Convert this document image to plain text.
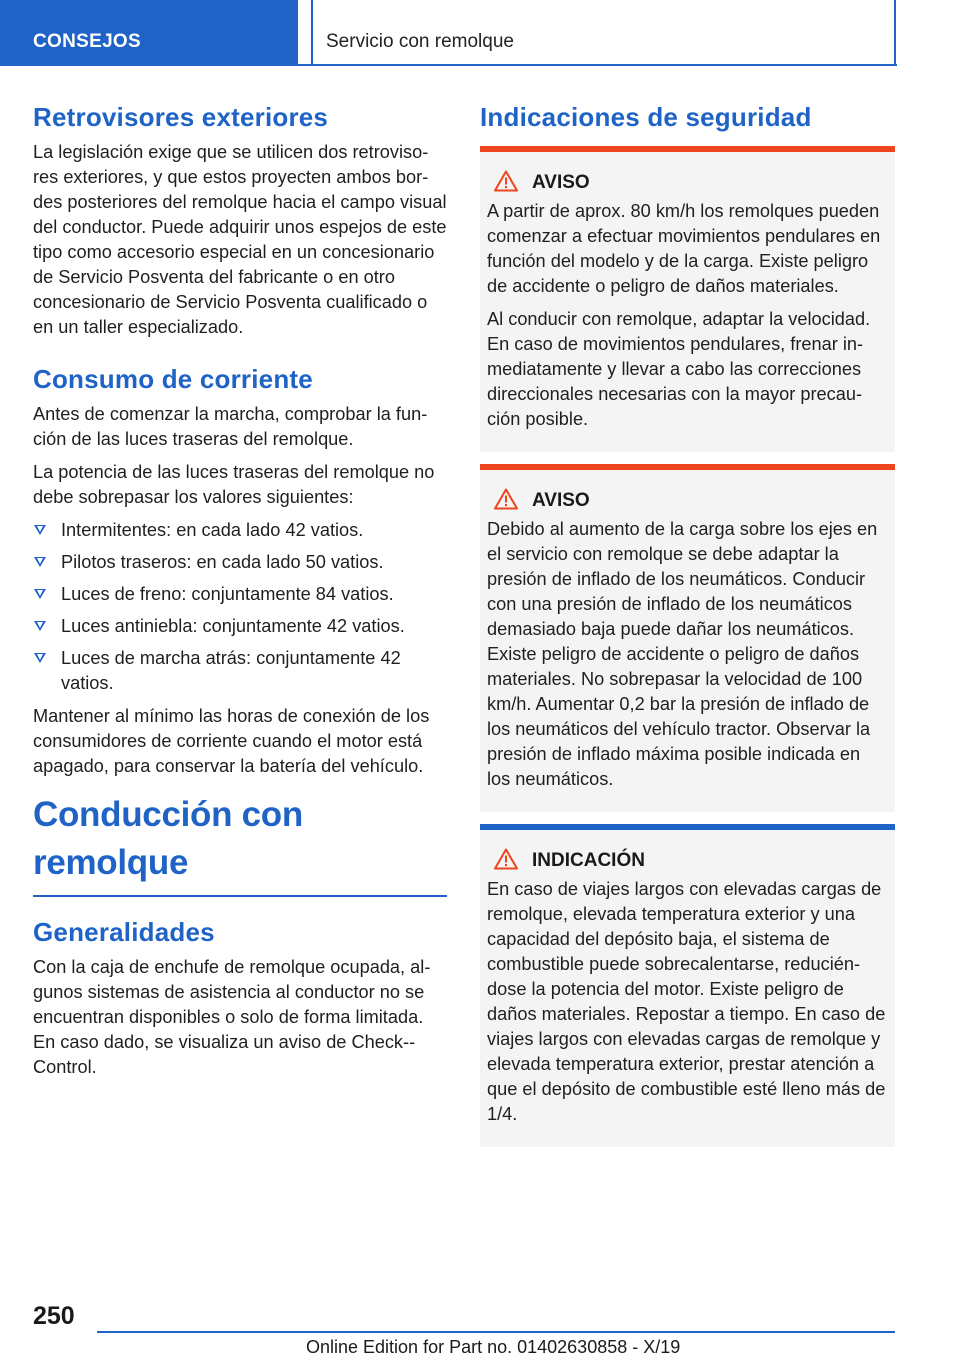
CONSEJOS	Servicio con remolque
Retrovisores exteriores

La legislación exige que se utilicen dos retrovisores exteriores, y que estos proyecten ambos bordes posteriores del remolque hacia el campo visual del conductor. Puede adquirir unos espejos de este tipo como accesorio especial en un concesionario de Servicio Posventa del fabricante o en otro concesionario de Servicio Posventa cualificado o en un taller especializado.

Consumo de corriente

Antes de comenzar la marcha, comprobar la función de las luces traseras del remolque.

La potencia de las luces traseras del remolque no debe sobrepasar los valores siguientes:

Intermitentes: en cada lado 42 vatios.
Pilotos traseros: en cada lado 50 vatios.
Luces de freno: conjuntamente 84 vatios.
Luces antiniebla: conjuntamente 42 vatios.
Luces de marcha atrás: conjuntamente 42 vatios.

Mantener al mínimo las horas de conexión de los consumidores de corriente cuando el motor está apagado, para conservar la batería del vehículo.

Conducción con remolque
Generalidades

Con la caja de enchufe de remolque ocupada, algunos sistemas de asistencia al conductor no se encuentran disponibles o solo de forma limitada. En caso dado, se visualiza un aviso de Check--Control.

Indicaciones de seguridad
AVISO

A partir de aprox. 80 km/h los remolques pueden comenzar a efectuar movimientos pendulares en función del modelo y de la carga. Existe peligro de accidente o peligro de daños materiales.

Al conducir con remolque, adaptar la velocidad. En caso de movimientos pendulares, frenar inmediatamente y llevar a cabo las correcciones direccionales necesarias con la mayor precaución posible.

AVISO

Debido al aumento de la carga sobre los ejes en el servicio con remolque se debe adaptar la presión de inflado de los neumáticos. Conducir con una presión de inflado de los neumáticos demasiado baja puede dañar los neumáticos. Existe peligro de accidente o peligro de daños materiales. No sobrepasar la velocidad de 100 km/h. Aumentar 0,2 bar la presión de inflado de los neumáticos del vehículo tractor. Observar la presión de inflado máxima posible indicada en los neumáticos.

INDICACIÓN

En caso de viajes largos con elevadas cargas de remolque, elevada temperatura exterior y una capacidad del depósito baja, el sistema de combustible puede sobrecalentarse, reduciéndose la potencia del motor. Existe peligro de daños materiales. Repostar a tiempo. En caso de viajes largos con elevadas cargas de remolque y elevada temperatura exterior, prestar atención a que el depósito de combustible esté lleno más de 1/4.

250
Online Edition for Part no. 01402630858 - X/19
